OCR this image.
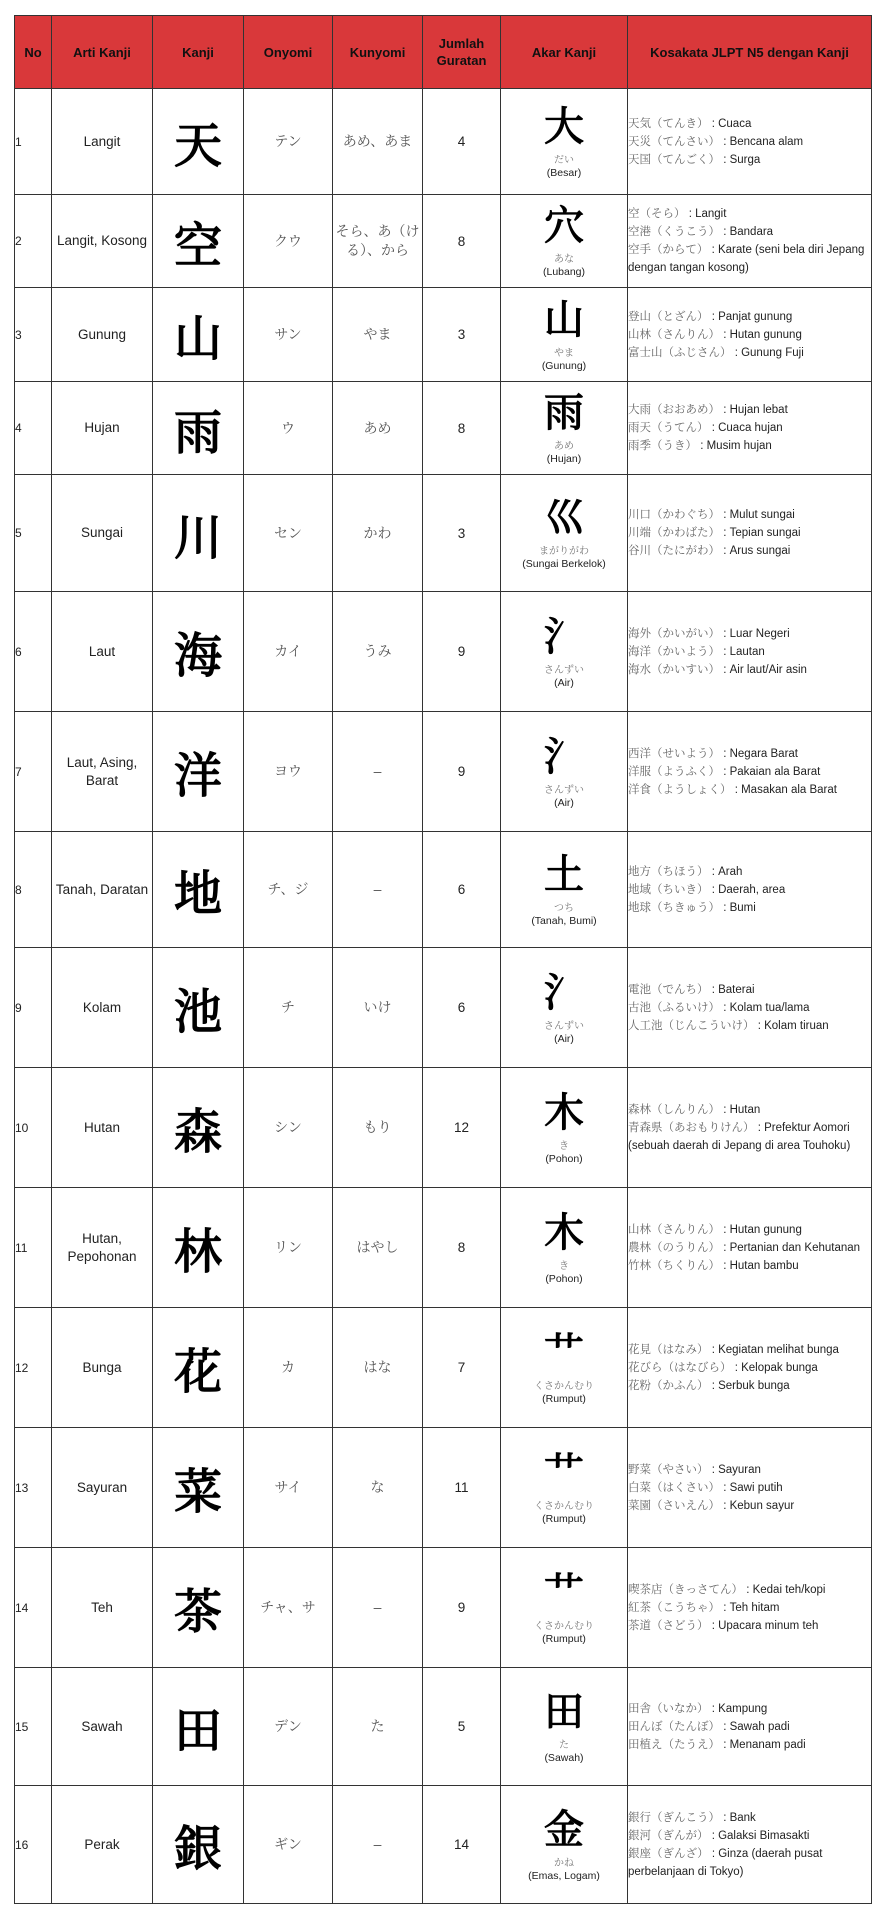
No	Arti Kanji	Kanji	Onyomi	Kunyomi	Jumlah Guratan	Akar Kanji	Kosakata JLPT N5 dengan Kanji
1	Langit	天	テン	あめ、あま	4	大
だい
(Besar)	天気（てんき） : Cuaca
天災（てんさい） : Bencana alam
天国（てんごく） : Surga

2	Langit, Kosong	空	クウ	そら、あ（ける）、から	8	穴
あな
(Lubang)	空（そら） : Langit
空港（くうこう） : Bandara
空手（からて） : Karate (seni bela diri Jepang dengan tangan kosong)

3	Gunung	山	サン	やま	3	山
やま
(Gunung)	登山（とざん） : Panjat gunung
山林（さんりん） : Hutan gunung
富士山（ふじさん） : Gunung Fuji

4	Hujan	雨	ウ	あめ	8	雨
あめ
(Hujan)	大雨（おおあめ） : Hujan lebat
雨天（うてん） : Cuaca hujan
雨季（うき） : Musim hujan

5	Sungai	川	セン	かわ	3	巛
まがりがわ
(Sungai Berkelok)	川口（かわぐち） : Mulut sungai
川端（かわばた） : Tepian sungai
谷川（たにがわ） : Arus sungai

6	Laut	海	カイ	うみ	9	氵
さんずい
(Air)	海外（かいがい） : Luar Negeri
海洋（かいよう） : Lautan
海水（かいすい） : Air laut/Air asin

7	Laut, Asing, Barat	洋	ヨウ	–	9	氵
さんずい
(Air)	西洋（せいよう） : Negara Barat
洋服（ようふく） : Pakaian ala Barat
洋食（ようしょく） : Masakan ala Barat

8	Tanah, Daratan	地	チ、ジ	–	6	土
つち
(Tanah, Bumi)	地方（ちほう） : Arah
地域（ちいき） : Daerah, area
地球（ちきゅう） : Bumi

9	Kolam	池	チ	いけ	6	氵
さんずい
(Air)	電池（でんち） : Baterai
古池（ふるいけ） : Kolam tua/lama
人工池（じんこういけ） : Kolam tiruan

10	Hutan	森	シン	もり	12	木
き
(Pohon)	森林（しんりん） : Hutan
青森県（あおもりけん） : Prefektur Aomori (sebuah daerah di Jepang di area Touhoku)

11	Hutan, Pepohonan	林	リン	はやし	8	木
き
(Pohon)	山林（さんりん） : Hutan gunung
農林（のうりん） : Pertanian dan Kehutanan
竹林（ちくりん） : Hutan bambu

12	Bunga	花	カ	はな	7	艹
くさかんむり
(Rumput)	花見（はなみ） : Kegiatan melihat bunga
花びら（はなびら） : Kelopak bunga
花粉（かふん） : Serbuk bunga

13	Sayuran	菜	サイ	な	11	艹
くさかんむり
(Rumput)	野菜（やさい） : Sayuran
白菜（はくさい） : Sawi putih
菜園（さいえん） : Kebun sayur

14	Teh	茶	チャ、サ	–	9	艹
くさかんむり
(Rumput)	喫茶店（きっさてん） : Kedai teh/kopi
紅茶（こうちゃ） : Teh hitam
茶道（さどう） : Upacara minum teh

15	Sawah	田	デン	た	5	田
た
(Sawah)	田舎（いなか） : Kampung
田んぼ（たんぼ） : Sawah padi
田植え（たうえ） : Menanam padi

16	Perak	銀	ギン	–	14	金
かね
(Emas, Logam)	銀行（ぎんこう） : Bank
銀河（ぎんが） : Galaksi Bimasakti
銀座（ぎんざ） : Ginza (daerah pusat perbelanjaan di Tokyo)
